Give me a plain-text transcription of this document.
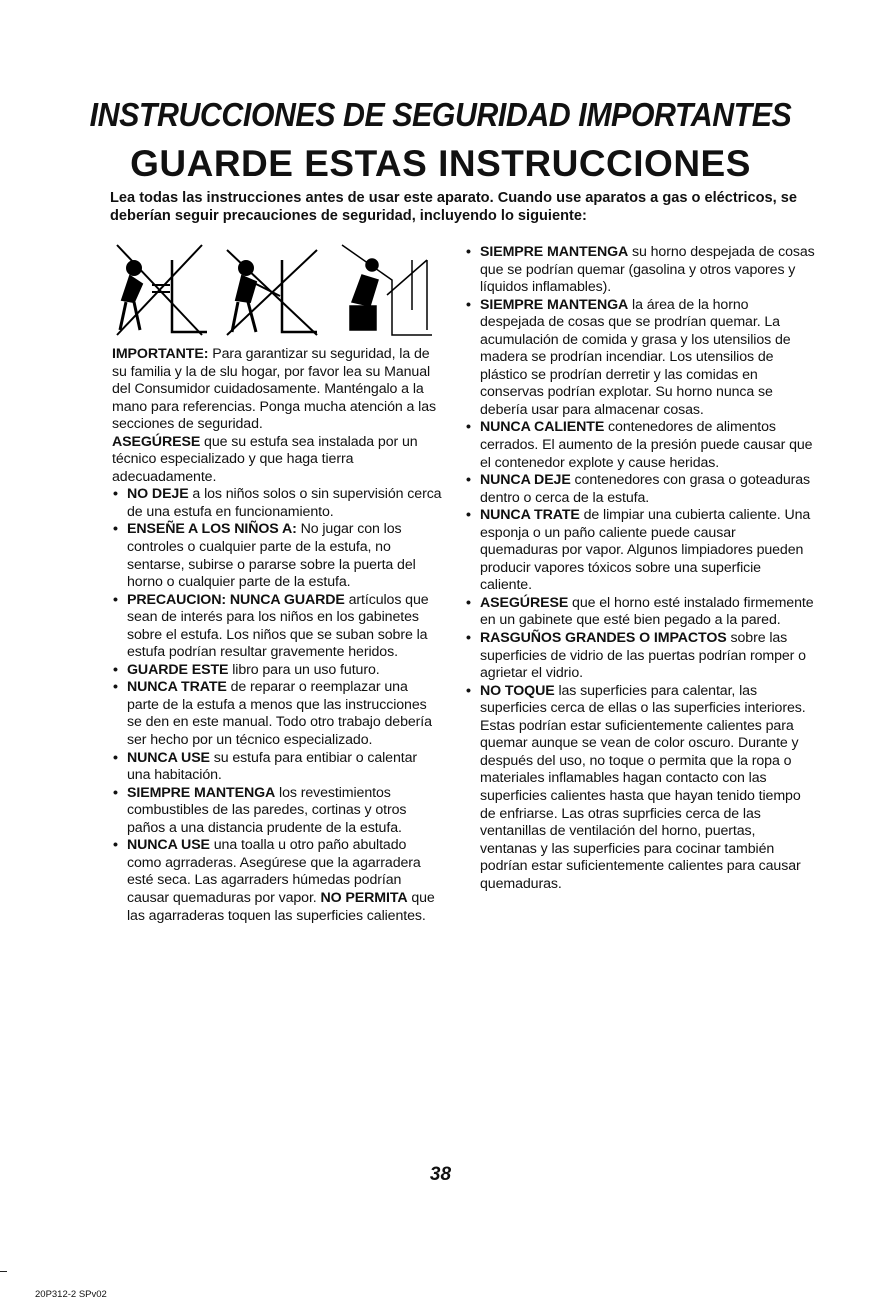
INSTRUCCIONES DE SEGURIDAD IMPORTANTES
GUARDE ESTAS INSTRUCCIONES
Lea todas las instrucciones antes de usar este aparato. Cuando use aparatos a gas o eléctricos, se deberían seguir precauciones de seguridad, incluyendo lo siguiente:

IMPORTANTE: Para garantizar su seguridad, la de su familia y la de slu hogar, por favor lea su Manual del Consumidor cuidadosamente. Manténgalo a la mano para referencias. Ponga mucha atención a las secciones de seguridad.

ASEGÚRESE que su estufa sea instalada por un técnico especializado y que haga tierra adecuadamente.

• NO DEJE a los niños solos o sin supervisión cerca de una estufa en funcionamiento.
• ENSEÑE A LOS NIÑOS A: No jugar con los controles o cualquier parte de la estufa, no sentarse, subirse o pararse sobre la puerta del horno o cualquier parte de la estufa.
• PRECAUCION: NUNCA GUARDE artículos que sean de interés para los niños en los gabinetes sobre el estufa. Los niños que se suban sobre la estufa podrían resultar gravemente heridos.
• GUARDE ESTE libro para un uso futuro.
• NUNCA TRATE de reparar o reemplazar una parte de la estufa a menos que las instrucciones se den en este manual. Todo otro trabajo debería ser hecho por un técnico especializado.
• NUNCA USE su estufa para entibiar o calentar una habitación.
• SIEMPRE MANTENGA los revestimientos combustibles de las paredes, cortinas y otros paños a una distancia prudente de la estufa.
• NUNCA USE una toalla u otro paño abultado como agrraderas. Asegúrese que la agarradera esté seca. Las agarraders húmedas podrían causar quemaduras por vapor. NO PERMITA que las agarraderas toquen las superficies calientes.
• SIEMPRE MANTENGA su horno despejada de cosas que se podrían quemar (gasolina y otros vapores y líquidos inflamables).
• SIEMPRE MANTENGA la área de la horno despejada de cosas que se prodrían quemar. La acumulación de comida y grasa y los utensilios de madera se prodrían incendiar. Los utensilios de plástico se prodrían derretir y las comidas en conservas podrían explotar. Su horno nunca se debería usar para almacenar cosas.
• NUNCA CALIENTE contenedores de alimentos cerrados. El aumento de la presión puede causar que el contenedor explote y cause heridas.
• NUNCA DEJE contenedores con grasa o goteaduras dentro o cerca de la estufa.
• NUNCA TRATE de limpiar una cubierta caliente. Una esponja o un paño caliente puede causar quemaduras por vapor. Algunos limpiadores pueden producir vapores tóxicos sobre una superficie caliente.
• ASEGÚRESE que el horno esté instalado firmemente en un gabinete que esté bien pegado a la pared.
• RASGUÑOS GRANDES O IMPACTOS sobre las superficies de vidrio de las puertas podrían romper o agrietar el vidrio.
• NO TOQUE las superficies para calentar, las superficies cerca de ellas o las superficies interiores. Estas podrían estar suficientemente calientes para quemar aunque se vean de color oscuro. Durante y después del uso, no toque o permita que la ropa o materiales inflamables hagan contacto con las superficies calientes hasta que hayan tenido tiempo de enfriarse. Las otras suprficies cerca de las ventanillas de ventilación del horno, puertas, ventanas y las superficies para cocinar también podrían estar suficientemente calientes para causar quemaduras.
38
20P312-2 SPv02
